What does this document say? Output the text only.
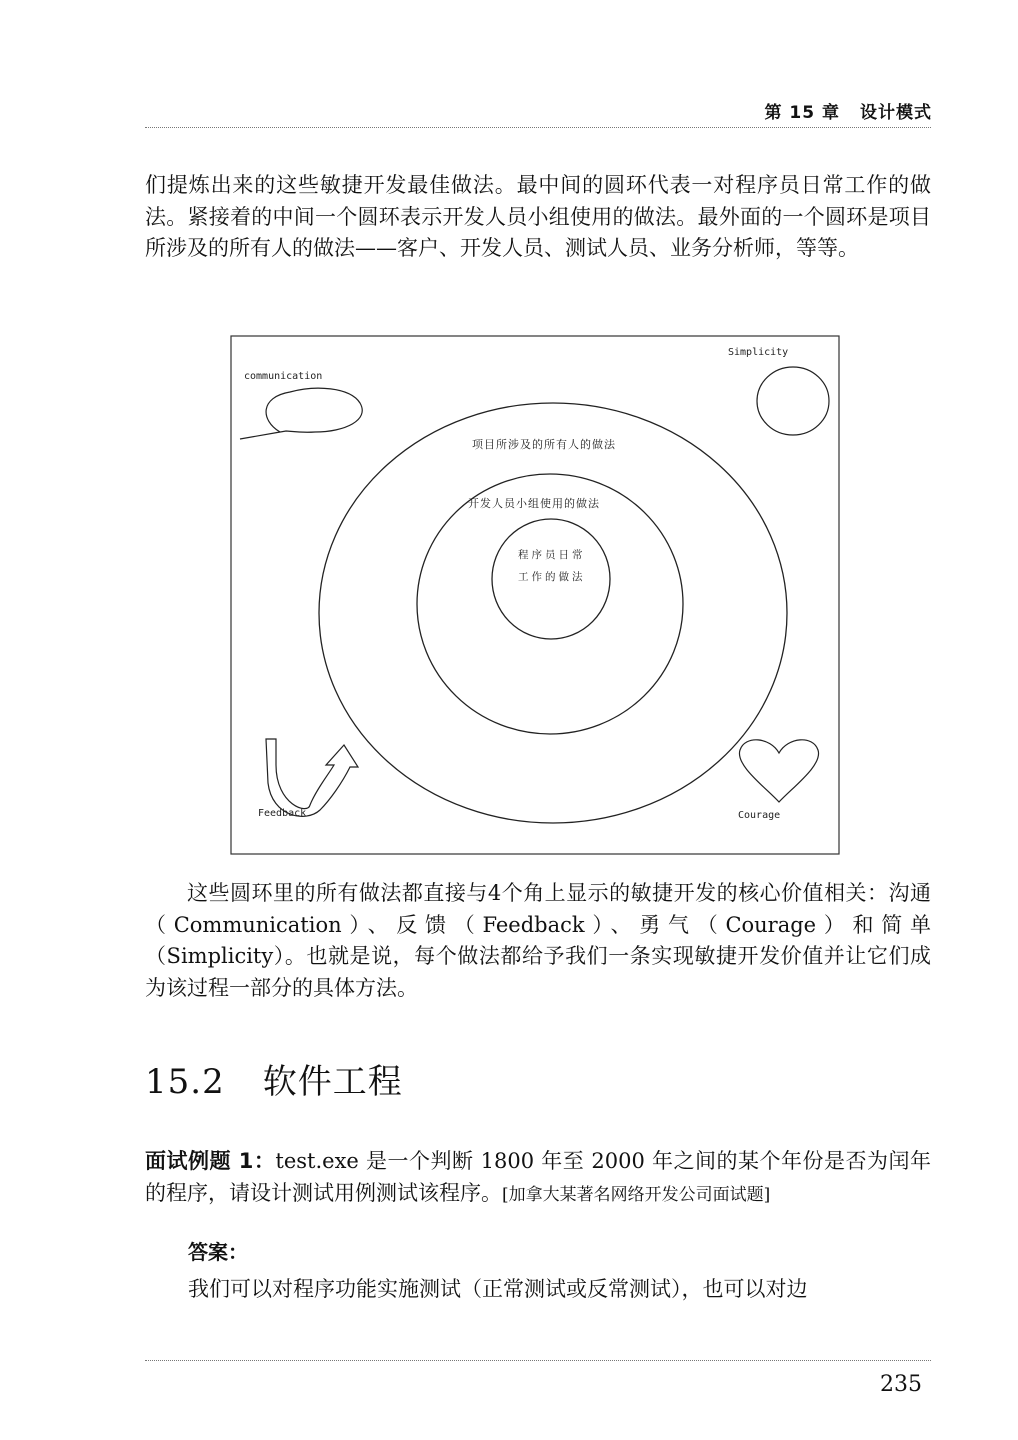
第 15 章 设计模式

们提炼出来的这些敏捷开发最佳做法。最中间的圆环代表一对程序员日常工作的做法。紧接着的中间一个圆环表示开发人员小组使用的做法。最外面的一个圆环是项目所涉及的所有人的做法——客户、开发人员、测试人员、业务分析师，等等。

communication
Simplicity
Feedback	Courage
项目所涉及的所有人的做法
开发人员小组使用的做法
程序员日常工作的做法

这些圆环里的所有做法都直接与4个角上显示的敏捷开发的核心价值相关：沟通（Communication）、反馈（Feedback）、勇气（Courage）和简单（Simplicity）。也就是说，每个做法都给予我们一条实现敏捷开发价值并让它们成为该过程一部分的具体方法。

15.2 软件工程

面试例题 1：test.exe 是一个判断 1800 年至 2000 年之间的某个年份是否为闰年的程序，请设计测试用例测试该程序。[加拿大某著名网络开发公司面试题]

答案：

我们可以对程序功能实施测试（正常测试或反常测试），也可以对边

235
